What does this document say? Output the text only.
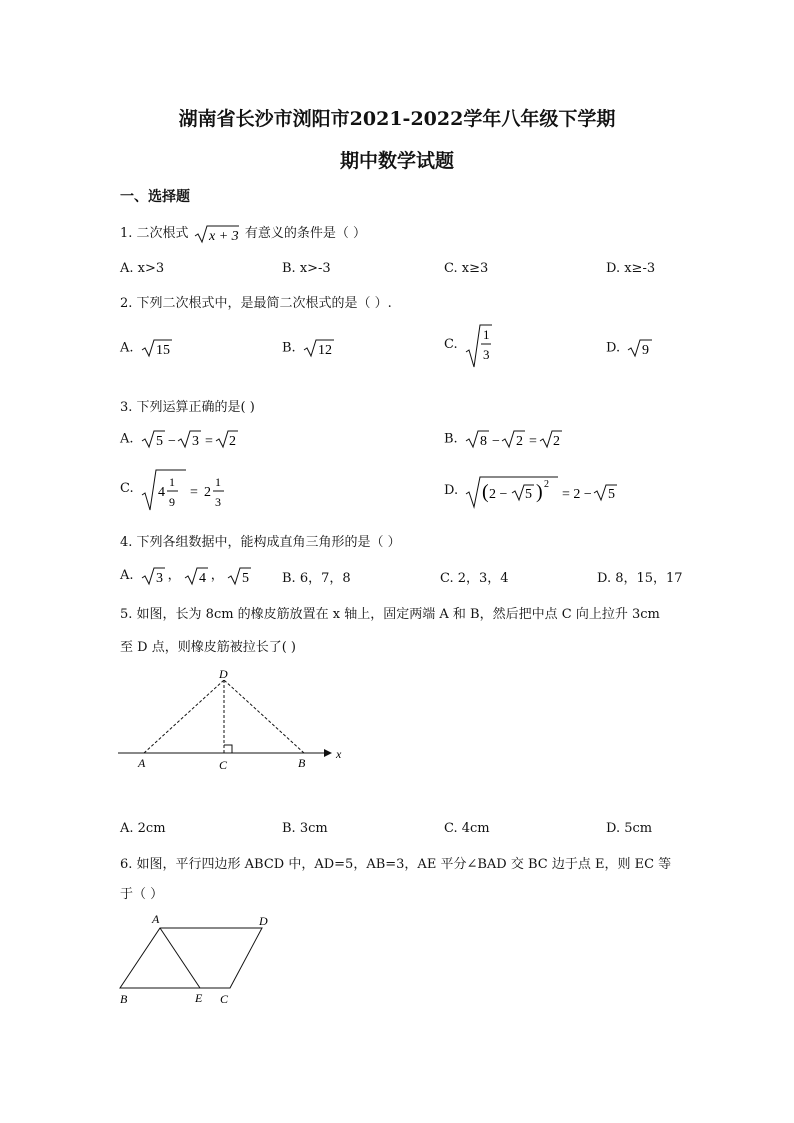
湖南省长沙市浏阳市2021-2022学年八年级下学期
期中数学试题
一、选择题
1. 二次根式 x + 3 有意义的条件是（ ）
A. x>3	B. x>-3	C. x≥3	D. x≥-3
2. 下列二次根式中，是最简二次根式的是（ ）.
A. 15	B. 12	C.
1
3	D. 9
3. 下列运算正确的是( )
A. 5 − 3 = 2	B. 8 − 2 = 2
C. 4
1
9
= 2
1
3
D. ( 2 − 5 ) 2
= 2 − 5
4. 下列各组数据中，能构成直角三角形的是（ ）
A. 3 ， 4 ， 5	B. 6，7，8	C. 2，3，4	D. 8，15，17
5. 如图，长为 8cm 的橡皮筋放置在 x 轴上，固定两端 A 和 B，然后把中点 C 向上拉升 3cm
至 D 点，则橡皮筋被拉长了( )
D
A	C	B
x
A. 2cm	B. 3cm	C. 4cm	D. 5cm
6. 如图，平行四边形 ABCD 中，AD=5，AB=3，AE 平分∠BAD 交 BC 边于点 E，则 EC 等
于（ ）
A	D
B	E C
